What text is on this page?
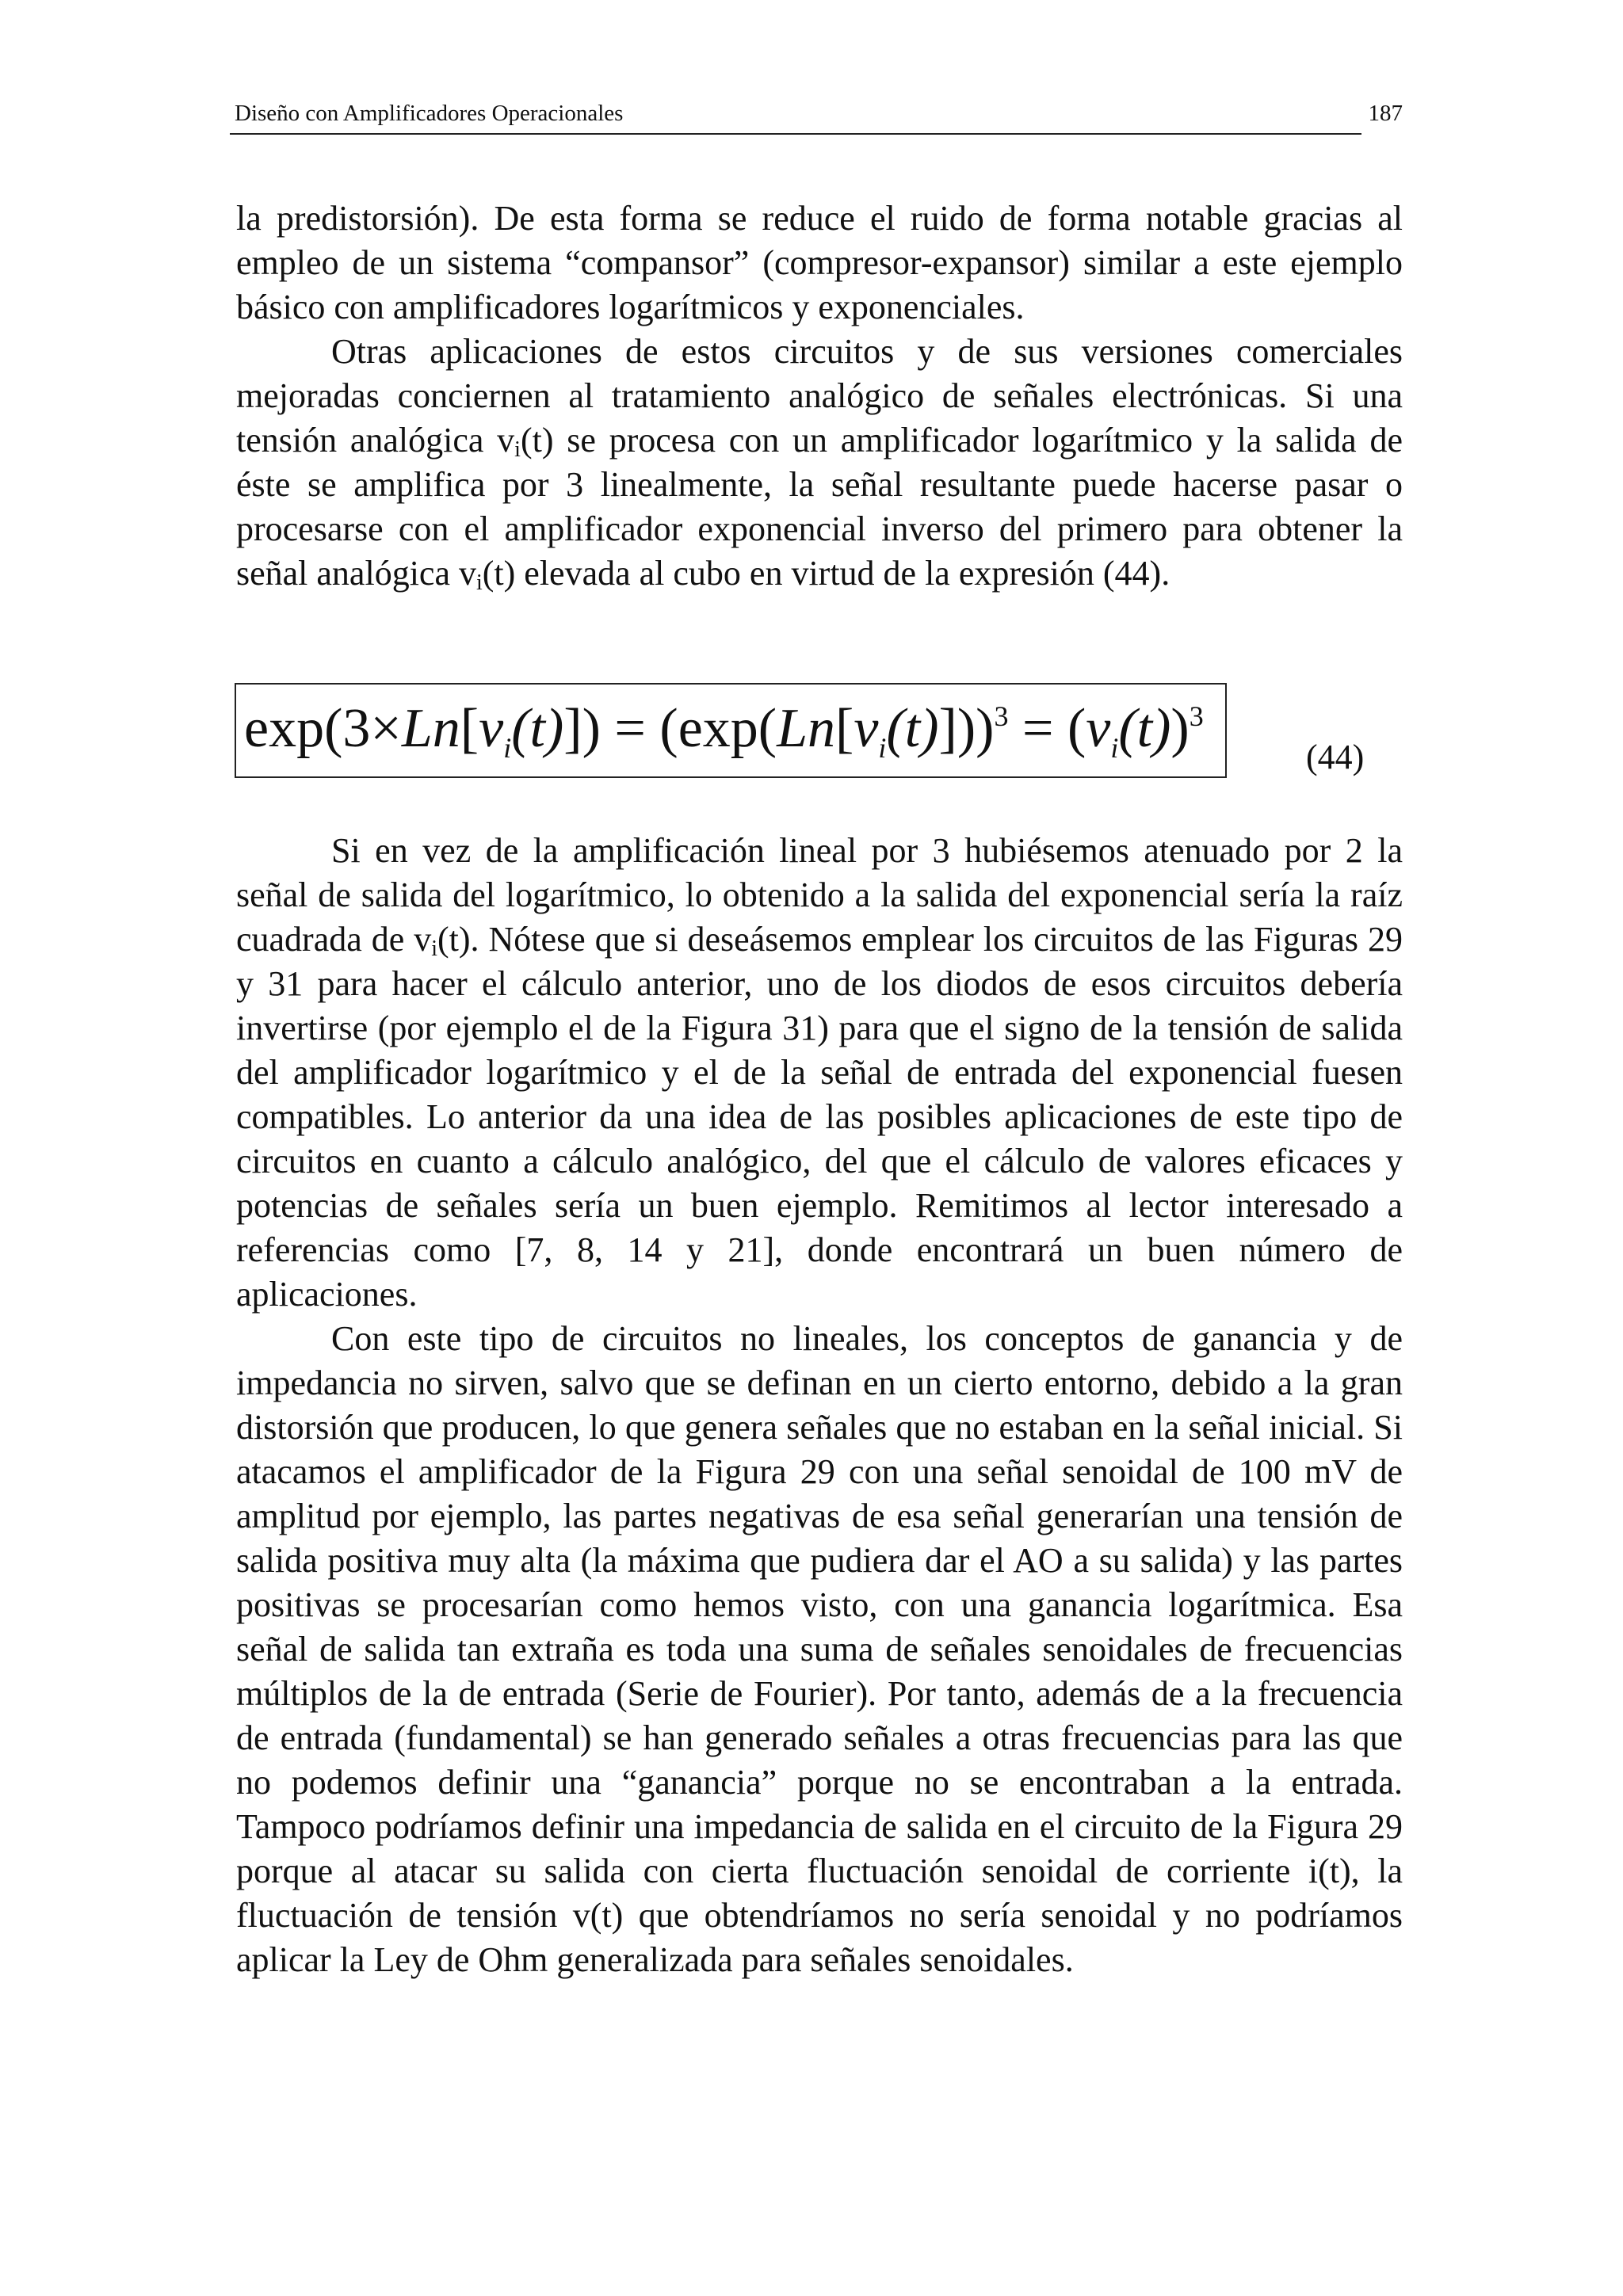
Diseño con Amplificadores Operacionales	187

la predistorsión). De esta forma se reduce el ruido de forma notable gracias al empleo de un sistema “compansor” (compresor-expansor) similar a este ejemplo básico con amplificadores logarítmicos y exponenciales.

Otras aplicaciones de estos circuitos y de sus versiones comerciales mejoradas conciernen al tratamiento analógico de señales electrónicas. Si una tensión analógica $v_i(t)$ se procesa con un amplificador logarítmico y la salida de éste se amplifica por 3 linealmente, la señal resultante puede hacerse pasar o procesarse con el amplificador exponencial inverso del primero para obtener la señal analógica $v_i(t)$ elevada al cubo en virtud de la expresión (44).

$\exp(3\times Ln[v_i(t)]) = (\exp(Ln[v_i(t)]))^3 = (v_i(t))^3$
(44)

Si en vez de la amplificación lineal por 3 hubiésemos atenuado por 2 la señal de salida del logarítmico, lo obtenido a la salida del exponencial sería la raíz cuadrada de $v_i(t)$. Nótese que si deseásemos emplear los circuitos de las Figuras 29 y 31 para hacer el cálculo anterior, uno de los diodos de esos circuitos debería invertirse (por ejemplo el de la Figura 31) para que el signo de la tensión de salida del amplificador logarítmico y el de la señal de entrada del exponencial fuesen compatibles. Lo anterior da una idea de las posibles aplicaciones de este tipo de circuitos en cuanto a cálculo analógico, del que el cálculo de valores eficaces y potencias de señales sería un buen ejemplo. Remitimos al lector interesado a referencias como [7, 8, 14 y 21], donde encontrará un buen número de aplicaciones.

Con este tipo de circuitos no lineales, los conceptos de ganancia y de impedancia no sirven, salvo que se definan en un cierto entorno, debido a la gran distorsión que producen, lo que genera señales que no estaban en la señal inicial. Si atacamos el amplificador de la Figura 29 con una señal senoidal de 100 mV de amplitud por ejemplo, las partes negativas de esa señal generarían una tensión de salida positiva muy alta (la máxima que pudiera dar el AO a su salida) y las partes positivas se procesarían como hemos visto, con una ganancia logarítmica. Esa señal de salida tan extraña es toda una suma de señales senoidales de frecuencias múltiplos de la de entrada (Serie de Fourier). Por tanto, además de a la frecuencia de entrada (fundamental) se han generado señales a otras frecuencias para las que no podemos definir una “ganancia” porque no se encontraban a la entrada. Tampoco podríamos definir una impedancia de salida en el circuito de la Figura 29 porque al atacar su salida con cierta fluctuación senoidal de corriente i(t), la fluctuación de tensión v(t) que obtendríamos no sería senoidal y no podríamos aplicar la Ley de Ohm generalizada para señales senoidales.
